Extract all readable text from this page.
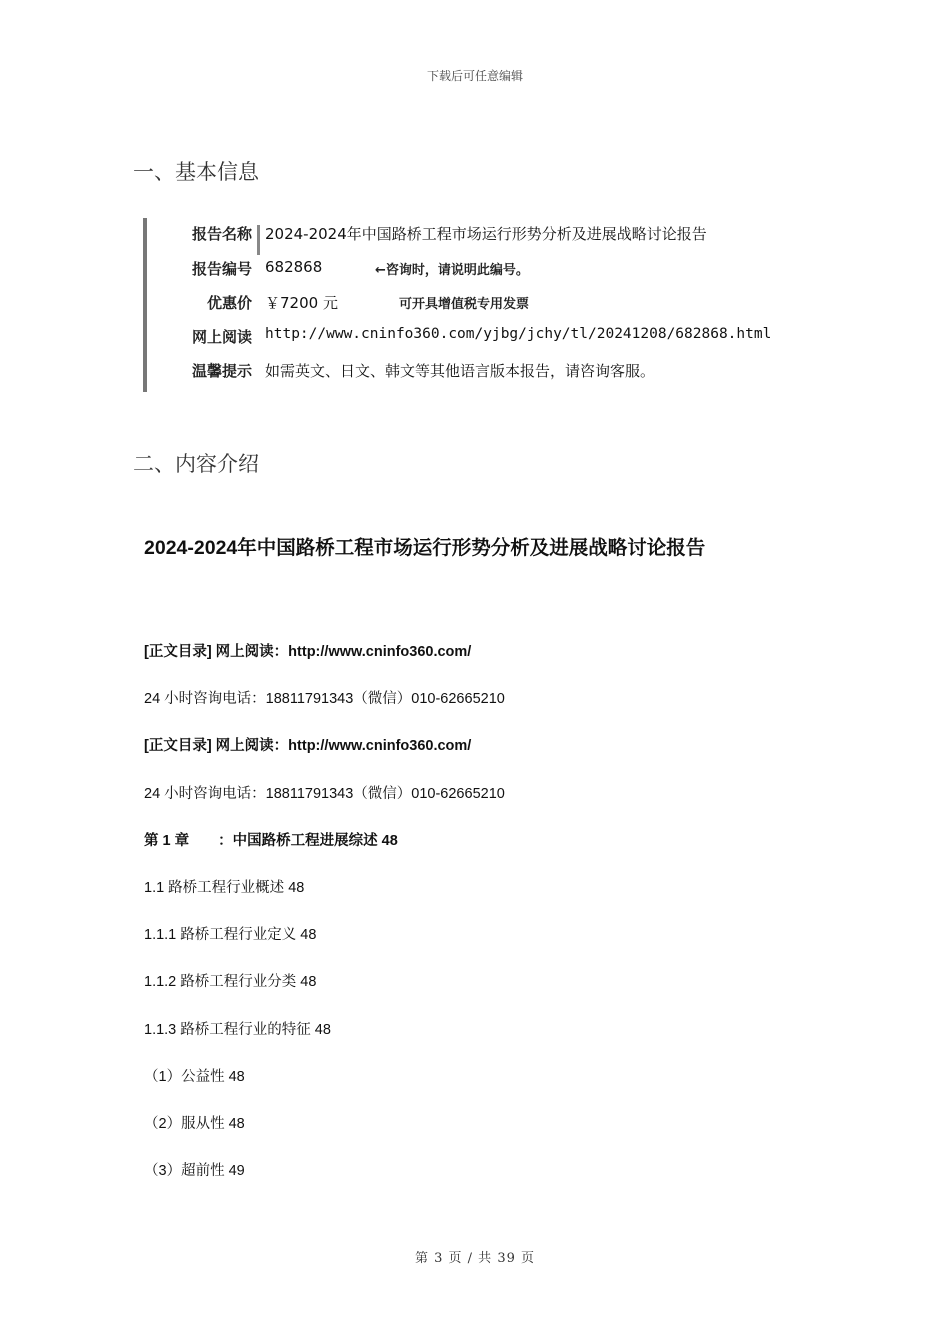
下载后可任意编辑
一、基本信息
报告名称 2024-2024年中国路桥工程市场运行形势分析及进展战略讨论报告
报告编号 682868	←咨询时，请说明此编号。
优惠价 ￥7200 元	可开具增值税专用发票
网上阅读 http://www.cninfo360.com/yjbg/jchy/tl/20241208/682868.html
温馨提示 如需英文、日文、韩文等其他语言版本报告，请咨询客服。
二、内容介绍
2024-2024年中国路桥工程市场运行形势分析及进展战略讨论报告
[正文目录] 网上阅读：http://www.cninfo360.com/
24 小时咨询电话：18811791343（微信）010-62665210
[正文目录] 网上阅读：http://www.cninfo360.com/
24 小时咨询电话：18811791343（微信）010-62665210
第 1 章　　：中国路桥工程进展综述 48
1.1 路桥工程行业概述 48
1.1.1 路桥工程行业定义 48
1.1.2 路桥工程行业分类 48
1.1.3 路桥工程行业的特征 48
（1）公益性 48
（2）服从性 48
（3）超前性 49
第 3 页 / 共 39 页
